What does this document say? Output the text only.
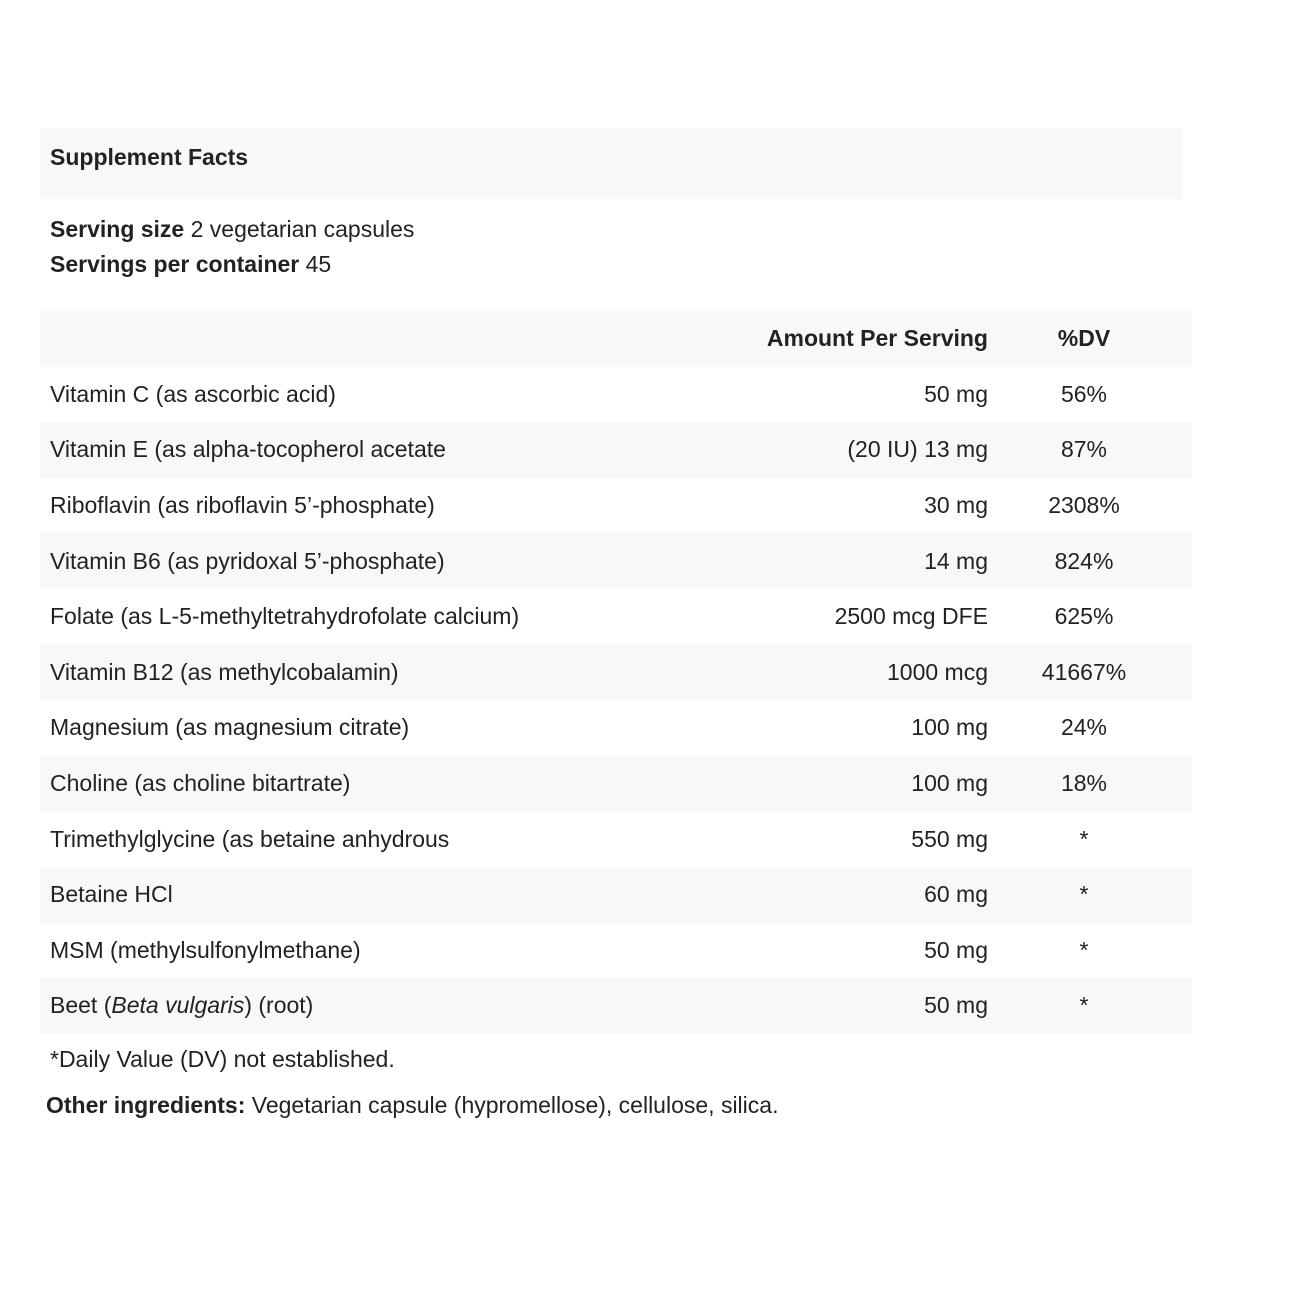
Supplement Facts
Serving size 2 vegetarian capsules
Servings per container 45
	Amount Per Serving	%DV
Vitamin C (as ascorbic acid)	50 mg	56%
Vitamin E (as alpha-tocopherol acetate	(20 IU) 13 mg	87%
Riboflavin (as riboflavin 5’-phosphate)	30 mg	2308%
Vitamin B6 (as pyridoxal 5’-phosphate)	14 mg	824%
Folate (as L-5-methyltetrahydrofolate calcium)	2500 mcg DFE	625%
Vitamin B12 (as methylcobalamin)	1000 mcg	41667%
Magnesium (as magnesium citrate)	100 mg	24%
Choline (as choline bitartrate)	100 mg	18%
Trimethylglycine (as betaine anhydrous	550 mg	*
Betaine HCl	60 mg	*
MSM (methylsulfonylmethane)	50 mg	*
Beet (Beta vulgaris) (root)	50 mg	*
*Daily Value (DV) not established.
Other ingredients: Vegetarian capsule (hypromellose), cellulose, silica.
